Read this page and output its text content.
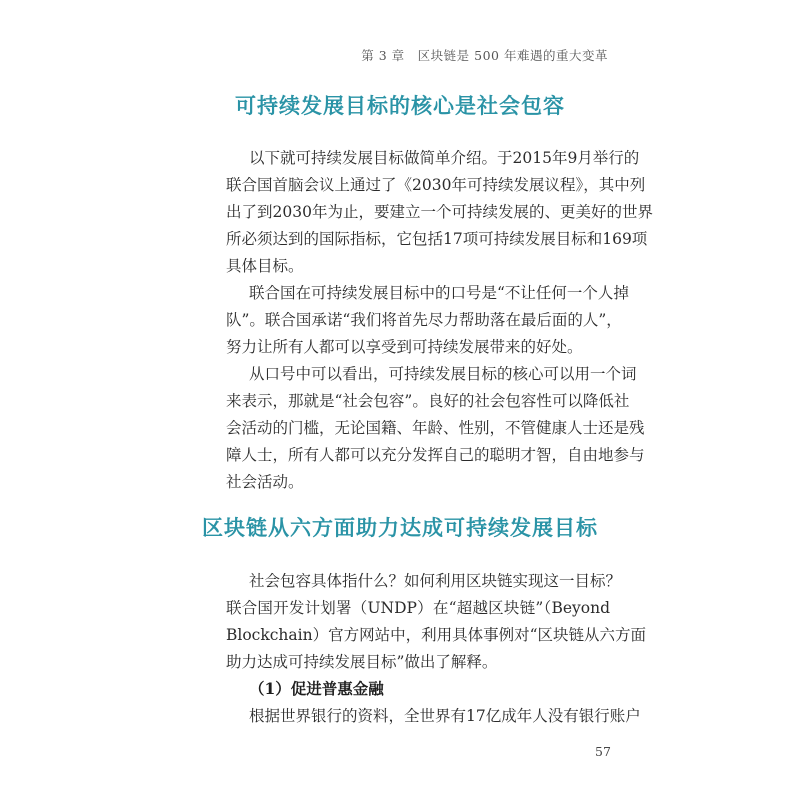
第 3 章　区块链是 500 年难遇的重大变革
可持续发展目标的核心是社会包容
以下就可持续发展目标做简单介绍。于2015年9月举行的
联合国首脑会议上通过了《2030年可持续发展议程》，其中列
出了到2030年为止，要建立一个可持续发展的、更美好的世界
所必须达到的国际指标，它包括17项可持续发展目标和169项
具体目标。
联合国在可持续发展目标中的口号是“不让任何一个人掉
队”。联合国承诺“我们将首先尽力帮助落在最后面的人”，
努力让所有人都可以享受到可持续发展带来的好处。
从口号中可以看出，可持续发展目标的核心可以用一个词
来表示，那就是“社会包容”。良好的社会包容性可以降低社
会活动的门槛，无论国籍、年龄、性别，不管健康人士还是残
障人士，所有人都可以充分发挥自己的聪明才智，自由地参与
社会活动。
区块链从六方面助力达成可持续发展目标
社会包容具体指什么？如何利用区块链实现这一目标？
联合国开发计划署（UNDP）在“超越区块链”（Beyond
Blockchain）官方网站中，利用具体事例对“区块链从六方面
助力达成可持续发展目标”做出了解释。
（1）促进普惠金融
根据世界银行的资料，全世界有17亿成年人没有银行账户
57
